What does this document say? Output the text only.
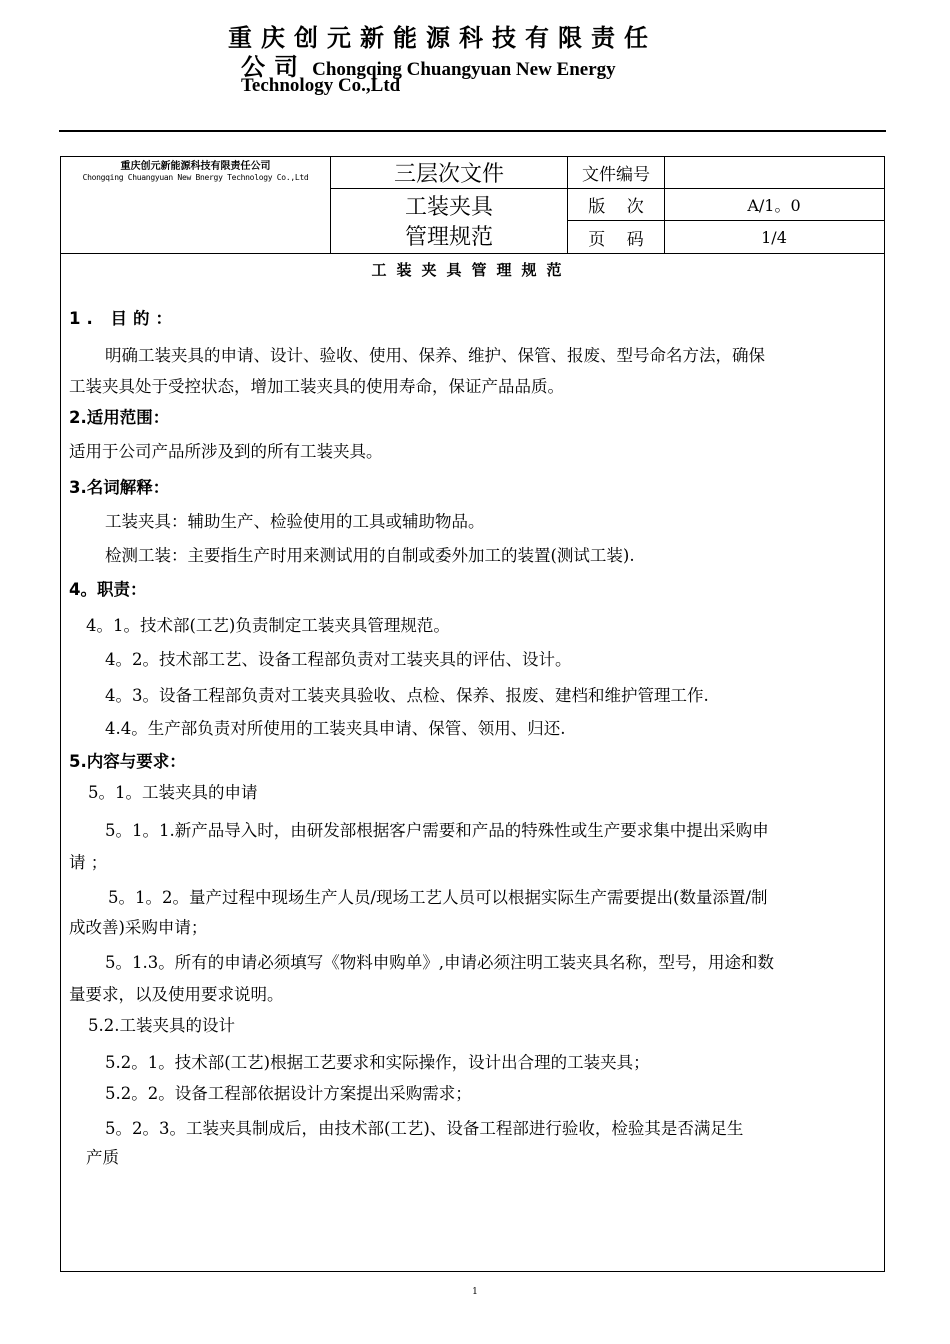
重庆创元新能源科技有限责任
公司 Chongqing Chuangyuan New Energy
Technology Co.,Ltd
重庆创元新能源科技有限责任公司
Chongqing Chuangyuan New Bnergy Technology Co.,Ltd	三层次文件
工装夹具
管理规范
文件编号
版    次
页    码
A/1。0
1/4
工装夹具管理规范
1. 目的：
明确工装夹具的申请、设计、验收、使用、保养、维护、保管、报废、型号命名方法，确保
工装夹具处于受控状态，增加工装夹具的使用寿命，保证产品品质。
2.适用范围：
适用于公司产品所涉及到的所有工装夹具。
3.名词解释：
工装夹具：辅助生产、检验使用的工具或辅助物品。
检测工装：主要指生产时用来测试用的自制或委外加工的装置(测试工装).
4。职责：
4。1。技术部(工艺)负责制定工装夹具管理规范。
4。2。技术部工艺、设备工程部负责对工装夹具的评估、设计。
4。3。设备工程部负责对工装夹具验收、点检、保养、报废、建档和维护管理工作.
4.4。生产部负责对所使用的工装夹具申请、保管、领用、归还.
5.内容与要求：
5。1。工装夹具的申请
5。1。1.新产品导入时，由研发部根据客户需要和产品的特殊性或生产要求集中提出采购申
请 ；
5。1。2。量产过程中现场生产人员/现场工艺人员可以根据实际生产需要提出(数量添置/制
成改善)采购申请；
5。1.3。所有的申请必须填写《物料申购单》,申请必须注明工装夹具名称，型号，用途和数
量要求，以及使用要求说明。
5.2.工装夹具的设计
5.2。1。技术部(工艺)根据工艺要求和实际操作，设计出合理的工装夹具；
5.2。2。设备工程部依据设计方案提出采购需求；
5。2。3。工装夹具制成后，由技术部(工艺)、设备工程部进行验收，检验其是否满足生
产质
1
